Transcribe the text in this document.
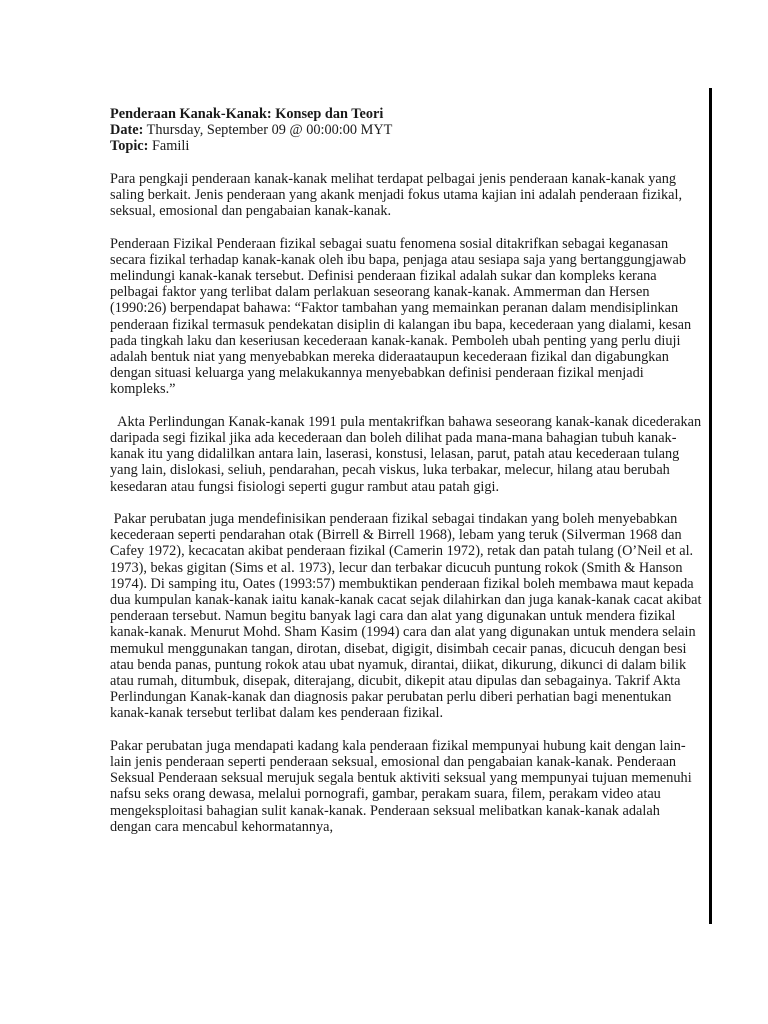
Penderaan Kanak-Kanak: Konsep dan Teori

Date: Thursday, September 09 @ 00:00:00 MYT

Topic: Famili

Para pengkaji penderaan kanak-kanak melihat terdapat pelbagai jenis penderaan kanak-kanak yang saling berkait. Jenis penderaan yang akank menjadi fokus utama kajian ini adalah penderaan fizikal, seksual, emosional dan pengabaian kanak-kanak.

Penderaan Fizikal Penderaan fizikal sebagai suatu fenomena sosial ditakrifkan sebagai keganasan secara fizikal terhadap kanak-kanak oleh ibu bapa, penjaga atau sesiapa saja yang bertanggungjawab melindungi kanak-kanak tersebut. Definisi penderaan fizikal adalah sukar dan kompleks kerana pelbagai faktor yang terlibat dalam perlakuan seseorang kanak-kanak. Ammerman dan Hersen (1990:26) berpendapat bahawa: “Faktor tambahan yang memainkan peranan dalam mendisiplinkan penderaan fizikal termasuk pendekatan disiplin di kalangan ibu bapa, kecederaan yang dialami, kesan pada tingkah laku dan keseriusan kecederaan kanak-kanak. Pemboleh ubah penting yang perlu diuji adalah bentuk niat yang menyebabkan mereka dideraataupun kecederaan fizikal dan digabungkan dengan situasi keluarga yang melakukannya menyebabkan definisi penderaan fizikal menjadi kompleks.”

Akta Perlindungan Kanak-kanak 1991 pula mentakrifkan bahawa seseorang kanak-kanak dicederakan daripada segi fizikal jika ada kecederaan dan boleh dilihat pada mana-mana bahagian tubuh kanak-kanak itu yang didalilkan antara lain, laserasi, konstusi, lelasan, parut, patah atau kecederaan tulang yang lain, dislokasi, seliuh, pendarahan, pecah viskus, luka terbakar, melecur, hilang atau berubah kesedaran atau fungsi fisiologi seperti gugur rambut atau patah gigi.

Pakar perubatan juga mendefinisikan penderaan fizikal sebagai tindakan yang boleh menyebabkan kecederaan seperti pendarahan otak (Birrell & Birrell 1968), lebam yang teruk (Silverman 1968 dan Cafey 1972), kecacatan akibat penderaan fizikal (Camerin 1972), retak dan patah tulang (O’Neil et al. 1973), bekas gigitan (Sims et al. 1973), lecur dan terbakar dicucuh puntung rokok (Smith & Hanson 1974). Di samping itu, Oates (1993:57) membuktikan penderaan fizikal boleh membawa maut kepada dua kumpulan kanak-kanak iaitu kanak-kanak cacat sejak dilahirkan dan juga kanak-kanak cacat akibat penderaan tersebut. Namun begitu banyak lagi cara dan alat yang digunakan untuk mendera fizikal kanak-kanak. Menurut Mohd. Sham Kasim (1994) cara dan alat yang digunakan untuk mendera selain memukul menggunakan tangan, dirotan, disebat, digigit, disimbah cecair panas, dicucuh dengan besi atau benda panas, puntung rokok atau ubat nyamuk, dirantai, diikat, dikurung, dikunci di dalam bilik atau rumah, ditumbuk, disepak, diterajang, dicubit, dikepit atau dipulas dan sebagainya. Takrif Akta Perlindungan Kanak-kanak dan diagnosis pakar perubatan perlu diberi perhatian bagi menentukan kanak-kanak tersebut terlibat dalam kes penderaan fizikal.

Pakar perubatan juga mendapati kadang kala penderaan fizikal mempunyai hubung kait dengan lain-lain jenis penderaan seperti penderaan seksual, emosional dan pengabaian kanak-kanak. Penderaan Seksual Penderaan seksual merujuk segala bentuk aktiviti seksual yang mempunyai tujuan memenuhi nafsu seks orang dewasa, melalui pornografi, gambar, perakam suara, filem, perakam video atau mengeksploitasi bahagian sulit kanak-kanak. Penderaan seksual melibatkan kanak-kanak adalah dengan cara mencabul kehormatannya,
